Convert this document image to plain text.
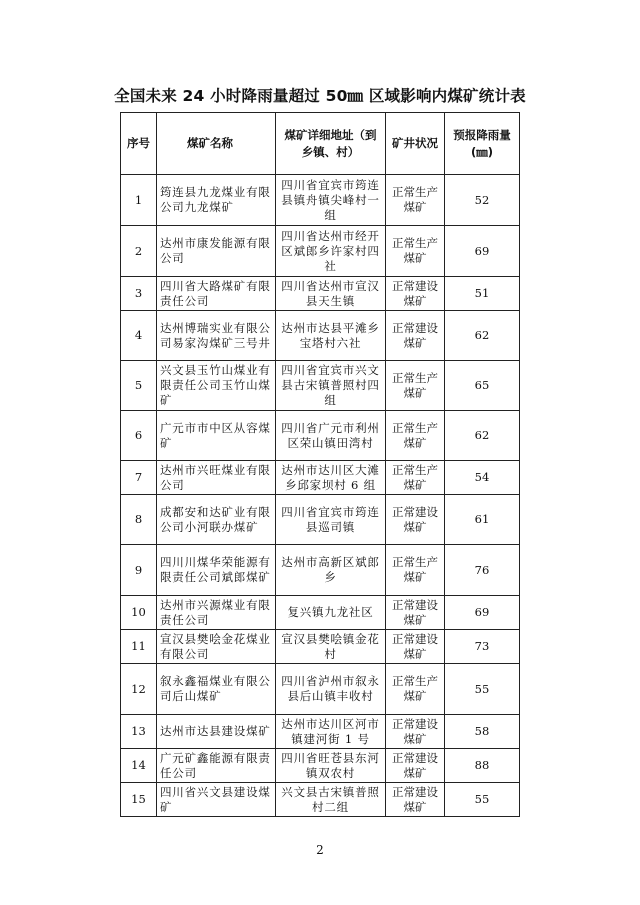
全国未来 24 小时降雨量超过 50㎜ 区域影响内煤矿统计表
序号	煤矿名称	煤矿详细地址（到乡镇、村）	矿井状况	预报降雨量(㎜)
1	筠连县九龙煤业有限公司九龙煤矿	四川省宜宾市筠连县镇舟镇尖峰村一组	正常生产煤矿	52
2	达州市康发能源有限公司	四川省达州市经开区斌郎乡许家村四社	正常生产煤矿	69
3	四川省大路煤矿有限责任公司	四川省达州市宣汉县天生镇	正常建设煤矿	51
4	达州博瑞实业有限公司易家沟煤矿三号井	达州市达县平滩乡宝塔村六社	正常建设煤矿	62
5	兴文县玉竹山煤业有限责任公司玉竹山煤矿	四川省宜宾市兴文县古宋镇普照村四组	正常生产煤矿	65
6	广元市市中区从容煤矿	四川省广元市利州区荣山镇田湾村	正常生产煤矿	62
7	达州市兴旺煤业有限公司	达州市达川区大滩乡邱家坝村 6 组	正常生产煤矿	54
8	成都安和达矿业有限公司小河联办煤矿	四川省宜宾市筠连县巡司镇	正常建设煤矿	61
9	四川川煤华荣能源有限责任公司斌郎煤矿	达州市高新区斌郎乡	正常生产煤矿	76
10	达州市兴源煤业有限责任公司	复兴镇九龙社区	正常建设煤矿	69
11	宣汉县樊哙金花煤业有限公司	宣汉县樊哙镇金花村	正常建设煤矿	73
12	叙永鑫福煤业有限公司后山煤矿	四川省泸州市叙永县后山镇丰收村	正常生产煤矿	55
13	达州市达县建设煤矿	达州市达川区河市镇建河街 1 号	正常建设煤矿	58
14	广元矿鑫能源有限责任公司	四川省旺苍县东河镇双农村	正常建设煤矿	88
15	四川省兴文县建设煤矿	兴文县古宋镇普照村二组	正常建设煤矿	55
2
